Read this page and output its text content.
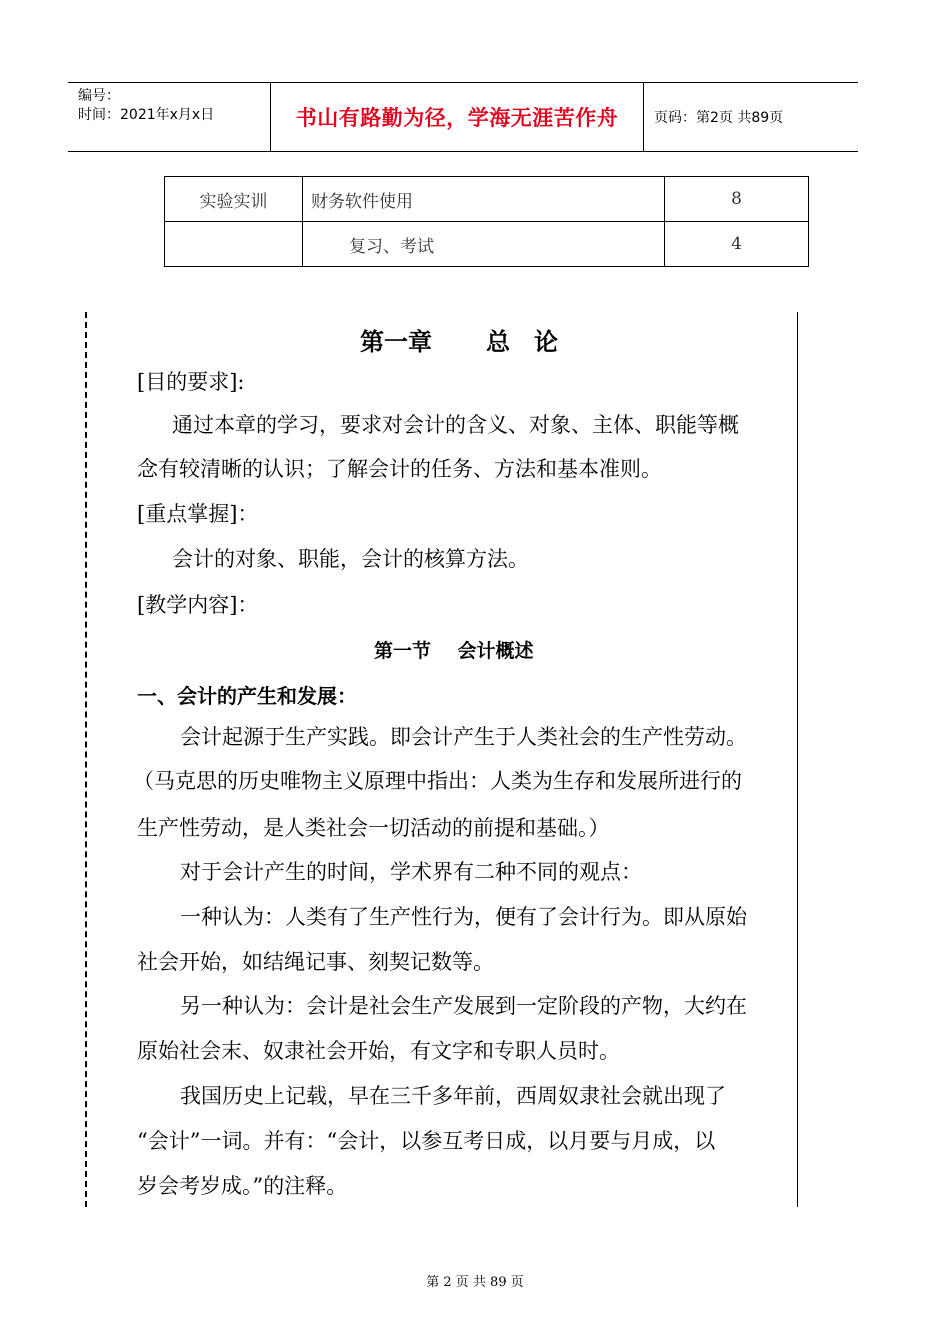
编号：
时间：2021年x月x日	书山有路勤为径，学海无涯苦作舟	页码：第2页 共89页
实验实训	财务软件使用	8
	复习、考试	4
第一章 总 论
[目的要求]:
通过本章的学习，要求对会计的含义、对象、主体、职能等概
念有较清晰的认识；了解会计的任务、方法和基本准则。
[重点掌握]：
会计的对象、职能，会计的核算方法。
[教学内容]：
第一节    会计概述
一、会计的产生和发展：
会计起源于生产实践。即会计产生于人类社会的生产性劳动。
（马克思的历史唯物主义原理中指出：人类为生存和发展所进行的
生产性劳动，是人类社会一切活动的前提和基础。）
对于会计产生的时间，学术界有二种不同的观点：
一种认为：人类有了生产性行为，便有了会计行为。即从原始
社会开始，如结绳记事、刻契记数等。
另一种认为：会计是社会生产发展到一定阶段的产物，大约在
原始社会末、奴隶社会开始，有文字和专职人员时。
我国历史上记载，早在三千多年前，西周奴隶社会就出现了
“会计”一词。并有：“会计，以参互考日成，以月要与月成，以
岁会考岁成。”的注释。
第 2 页 共 89 页
